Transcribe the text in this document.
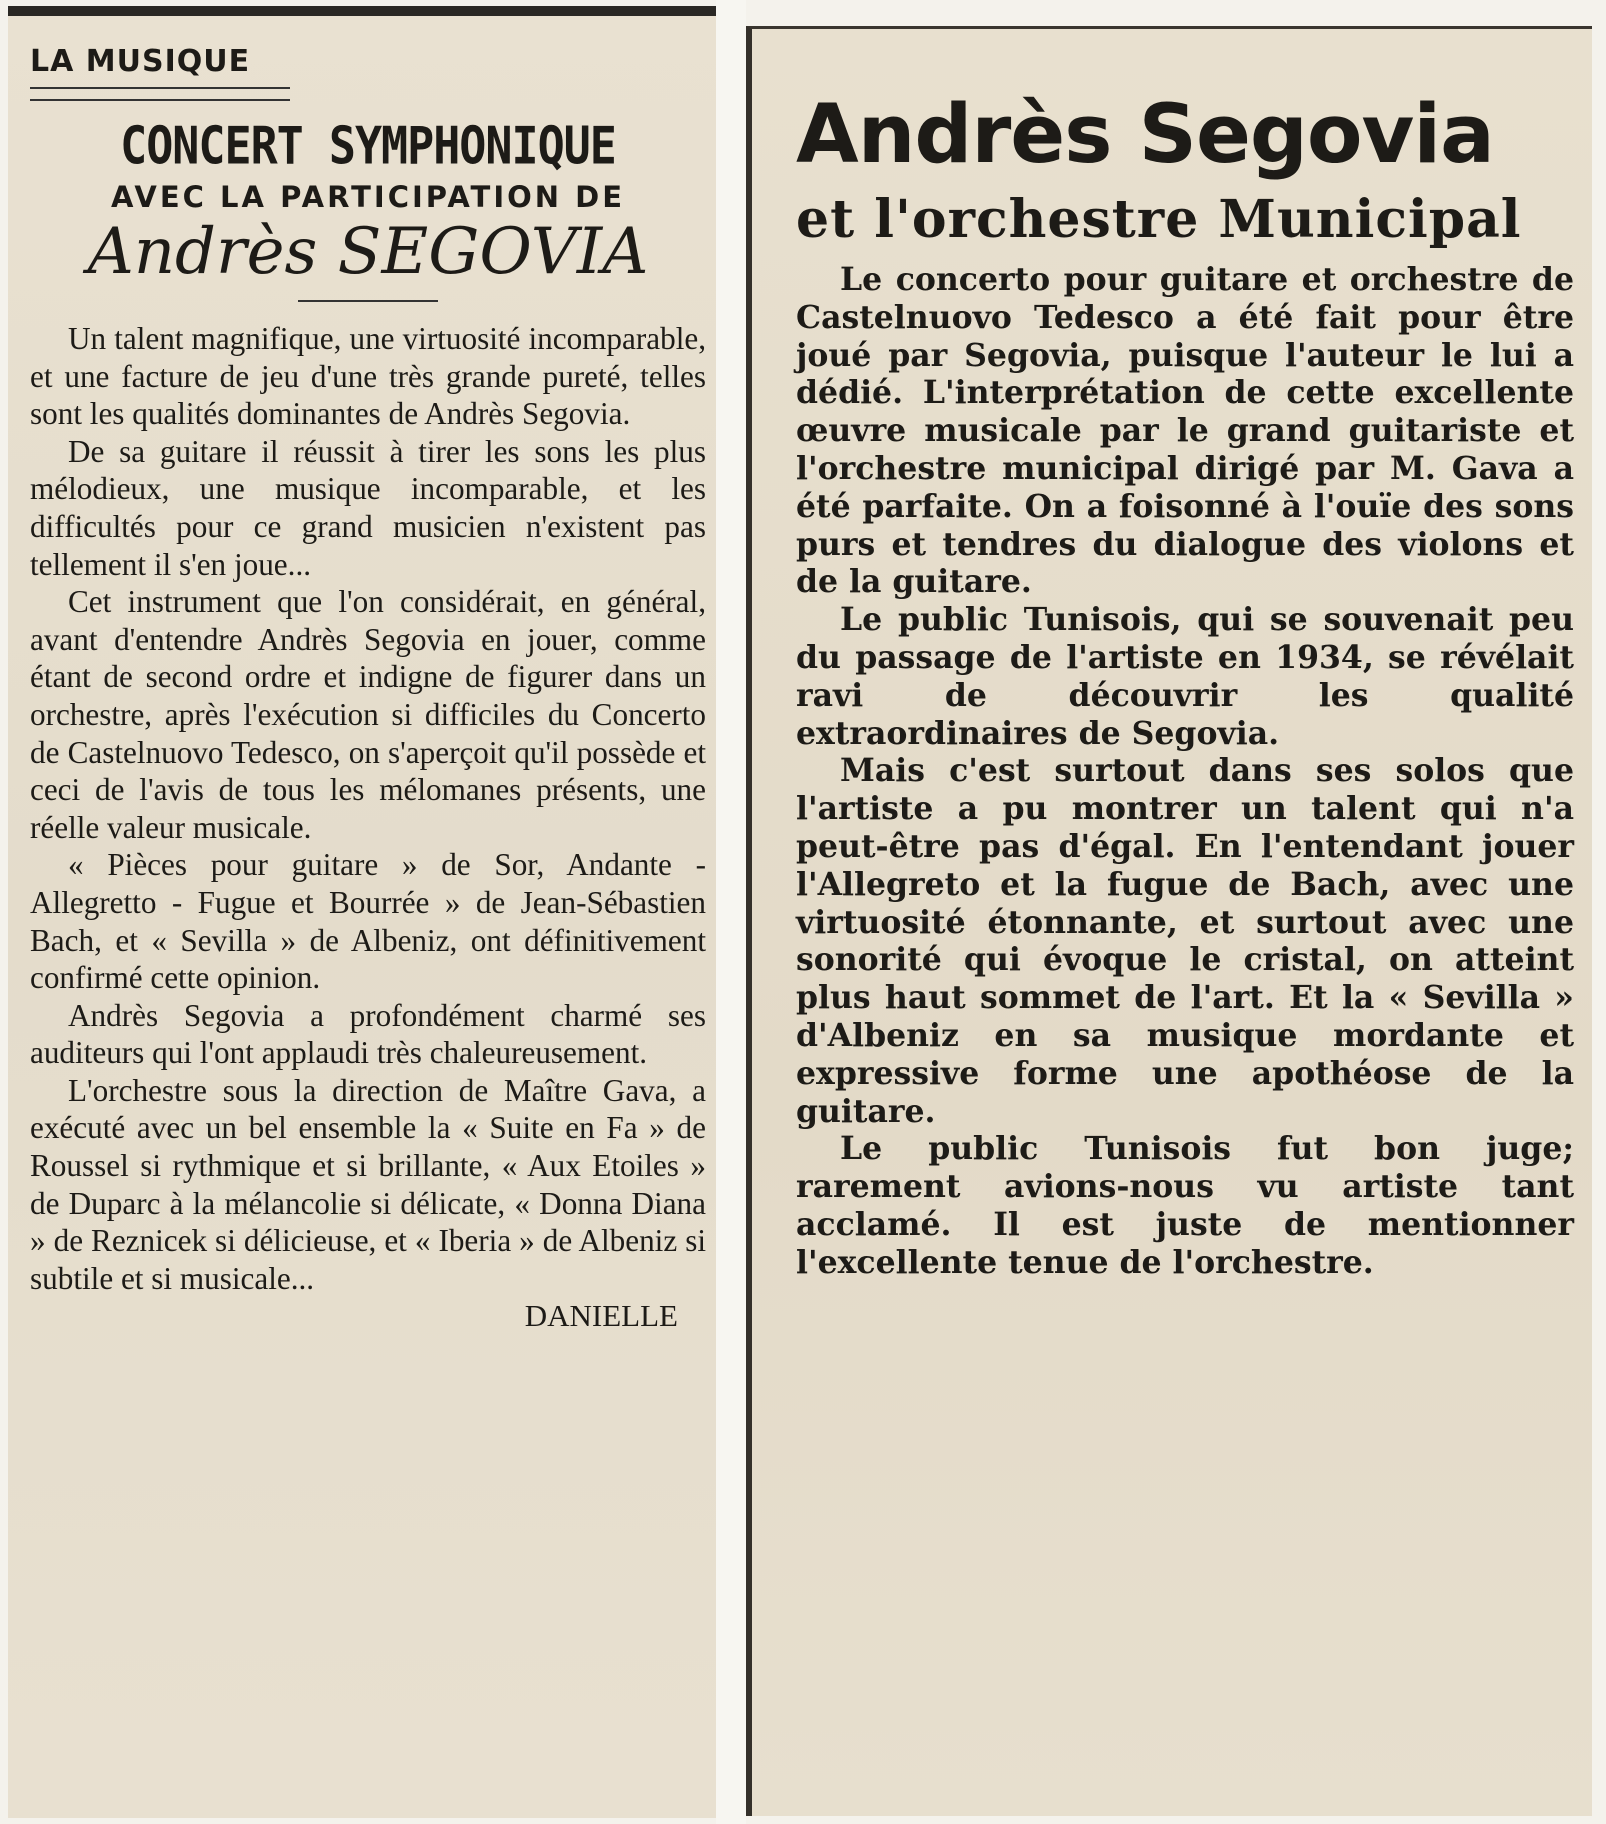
LA MUSIQUE
CONCERT SYMPHONIQUE
AVEC LA PARTICIPATION DE
Andrès SEGOVIA

Un talent magnifique, une virtuosité incomparable, et une facture de jeu d'une très grande pureté, telles sont les qualités dominantes de Andrès Segovia.

De sa guitare il réussit à tirer les sons les plus mélodieux, une musique incomparable, et les difficultés pour ce grand musicien n'existent pas tellement il s'en joue...

Cet instrument que l'on considérait, en général, avant d'entendre Andrès Segovia en jouer, comme étant de second ordre et indigne de figurer dans un orchestre, après l'exécution si difficiles du Concerto de Castelnuovo Tedesco, on s'aperçoit qu'il possède et ceci de l'avis de tous les mélomanes présents, une réelle valeur musicale.

« Pièces pour guitare » de Sor, Andante - Allegretto - Fugue et Bourrée » de Jean-Sébastien Bach, et « Sevilla » de Albeniz, ont définitivement confirmé cette opinion.

Andrès Segovia a profondément charmé ses auditeurs qui l'ont applaudi très chaleureusement.

L'orchestre sous la direction de Maître Gava, a exécuté avec un bel ensemble la « Suite en Fa » de Roussel si rythmique et si brillante, « Aux Etoiles » de Duparc à la mélancolie si délicate, « Donna Diana » de Reznicek si délicieuse, et « Iberia » de Albeniz si subtile et si musicale...

DANIELLE
Andrès Segovia
et l'orchestre Municipal

Le concerto pour guitare et orchestre de Castelnuovo Tedesco a été fait pour être joué par Segovia, puisque l'auteur le lui a dédié. L'interprétation de cette excellente œuvre musicale par le grand guitariste et l'orchestre municipal dirigé par M. Gava a été parfaite. On a foisonné à l'ouïe des sons purs et tendres du dialogue des violons et de la guitare.

Le public Tunisois, qui se souvenait peu du passage de l'artiste en 1934, se révélait ravi de découvrir les qualité extraordinaires de Segovia.

Mais c'est surtout dans ses solos que l'artiste a pu montrer un talent qui n'a peut-être pas d'égal. En l'entendant jouer l'Allegreto et la fugue de Bach, avec une virtuosité étonnante, et surtout avec une sonorité qui évoque le cristal, on atteint plus haut sommet de l'art. Et la « Sevilla » d'Albeniz en sa musique mordante et expressive forme une apothéose de la guitare.

Le public Tunisois fut bon juge; rarement avions-nous vu artiste tant acclamé. Il est juste de mentionner l'excellente tenue de l'orchestre.
